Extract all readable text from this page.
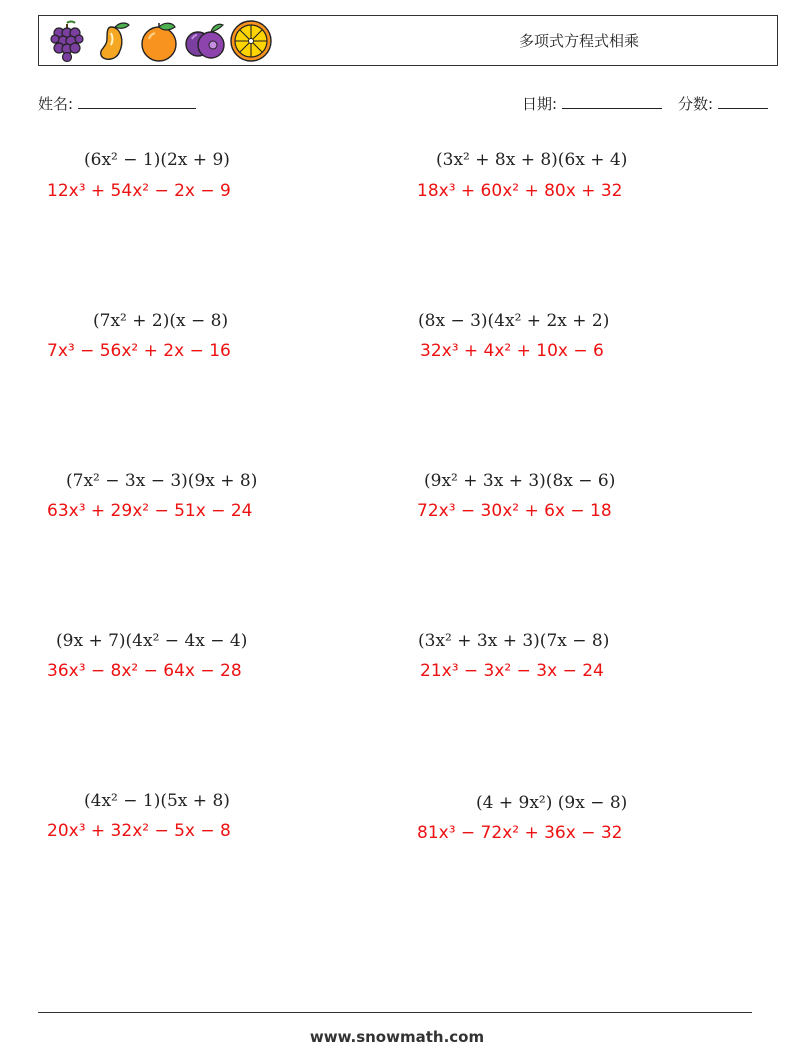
多项式方程式相乘
姓名:	日期:	分数:
(6x² − 1)(2x + 9)
12x³ + 54x² − 2x − 9
(3x² + 8x + 8)(6x + 4)
18x³ + 60x² + 80x + 32
(7x² + 2)(x − 8)
7x³ − 56x² + 2x − 16
(8x − 3)(4x² + 2x + 2)
32x³ + 4x² + 10x − 6
(7x² − 3x − 3)(9x + 8)
63x³ + 29x² − 51x − 24
(9x² + 3x + 3)(8x − 6)
72x³ − 30x² + 6x − 18
(9x + 7)(4x² − 4x − 4)
36x³ − 8x² − 64x − 28
(3x² + 3x + 3)(7x − 8)
21x³ − 3x² − 3x − 24
(4x² − 1)(5x + 8)
20x³ + 32x² − 5x − 8
(4 + 9x²) (9x − 8)
81x³ − 72x² + 36x − 32
www.snowmath.com
